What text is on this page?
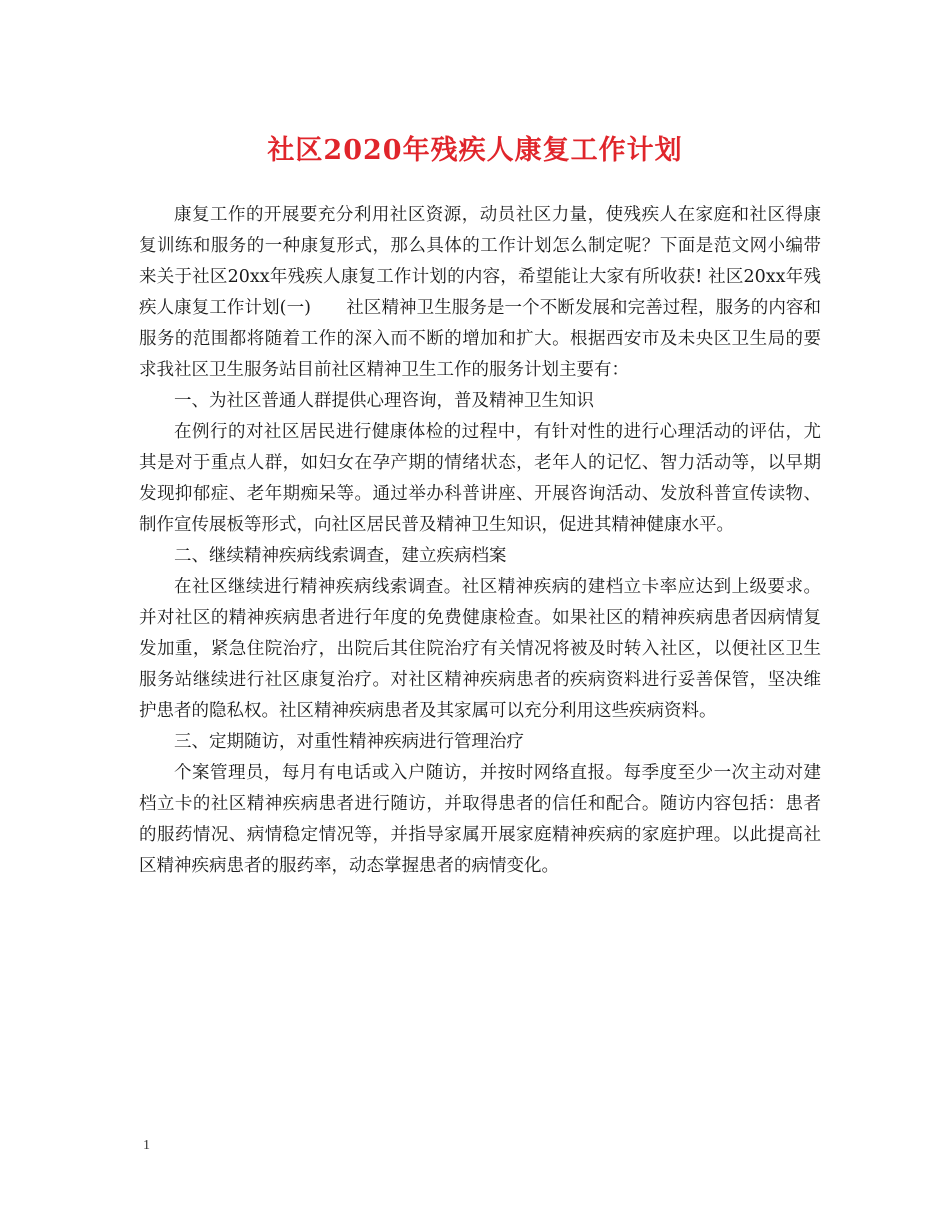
社区2020年残疾人康复工作计划

康复工作的开展要充分利用社区资源，动员社区力量，使残疾人在家庭和社区得康复训练和服务的一种康复形式，那么具体的工作计划怎么制定呢？下面是范文网小编带来关于社区20xx年残疾人康复工作计划的内容，希望能让大家有所收获! 社区20xx年残疾人康复工作计划(一)　　社区精神卫生服务是一个不断发展和完善过程，服务的内容和服务的范围都将随着工作的深入而不断的增加和扩大。根据西安市及未央区卫生局的要求我社区卫生服务站目前社区精神卫生工作的服务计划主要有：

一、为社区普通人群提供心理咨询，普及精神卫生知识

在例行的对社区居民进行健康体检的过程中，有针对性的进行心理活动的评估，尤其是对于重点人群，如妇女在孕产期的情绪状态，老年人的记忆、智力活动等，以早期发现抑郁症、老年期痴呆等。通过举办科普讲座、开展咨询活动、发放科普宣传读物、制作宣传展板等形式，向社区居民普及精神卫生知识，促进其精神健康水平。

二、继续精神疾病线索调查，建立疾病档案

在社区继续进行精神疾病线索调查。社区精神疾病的建档立卡率应达到上级要求。并对社区的精神疾病患者进行年度的免费健康检查。如果社区的精神疾病患者因病情复发加重，紧急住院治疗，出院后其住院治疗有关情况将被及时转入社区，以便社区卫生服务站继续进行社区康复治疗。对社区精神疾病患者的疾病资料进行妥善保管，坚决维护患者的隐私权。社区精神疾病患者及其家属可以充分利用这些疾病资料。

三、定期随访，对重性精神疾病进行管理治疗

个案管理员，每月有电话或入户随访，并按时网络直报。每季度至少一次主动对建档立卡的社区精神疾病患者进行随访，并取得患者的信任和配合。随访内容包括：患者的服药情况、病情稳定情况等，并指导家属开展家庭精神疾病的家庭护理。以此提高社区精神疾病患者的服药率，动态掌握患者的病情变化。

1
